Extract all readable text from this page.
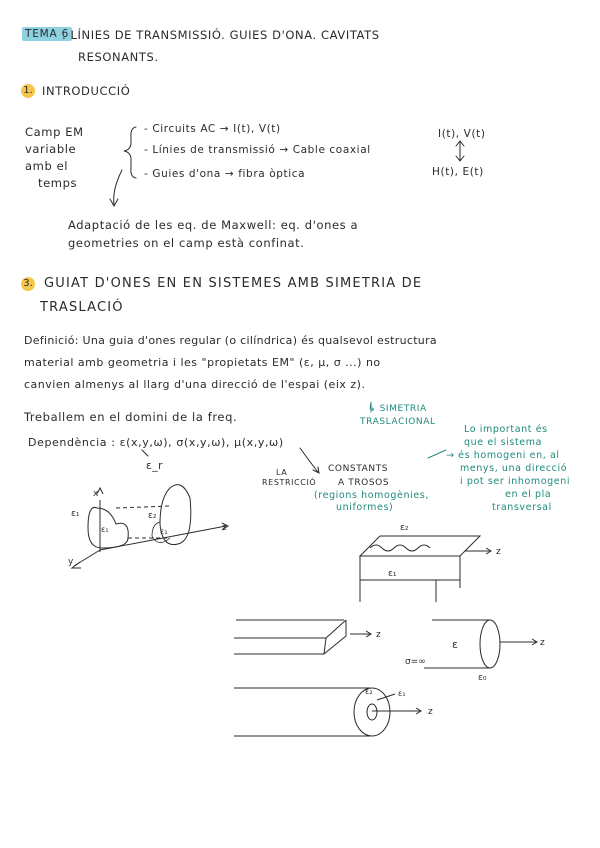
TEMA 6
. LÍNIES DE TRANSMISSIÓ. GUIES D'ONA. CAVITATS
RESONANTS.
1. INTRODUCCIÓ
Camp EM
variable
amb el
temps
- Circuits AC → I(t), V(t)
- Línies de transmissió → Cable coaxial
- Guies d'ona → fibra òptica
I(t), V(t)
H(t), E(t)
Adaptació de les eq. de Maxwell: eq. d'ones a
geometries on el camp està confinat.
3. GUIAT D'ONES EN EN SISTEMES AMB SIMETRIA DE
TRASLACIÓ
Definició: Una guia d'ones regular (o cilíndrica) és qualsevol estructura
material amb geometria i les "propietats EM" (ε, μ, σ ...) no
canvien almenys al llarg d'una direcció de l'espai (eix z).
Treballem en el domini de la freq.
↳ SIMETRIA
TRASLACIONAL
Dependència : ε(x,y,ω), σ(x,y,ω), μ(x,y,ω)
ε_r
LA
RESTRICCIÓ
CONSTANTS
A TROSOS
(regions homogènies,
uniformes)
Lo important és
que el sistema
→ és homogeni en, al
menys, una direcció
i pot ser inhomogeni
en el pla
transversal
x
y
z
ε₁	ε₂
ε₁	ε₁	ε₂
ε₁
z
z
ε
σ=∞
ε₀
z
ε₂	ε₁
z
